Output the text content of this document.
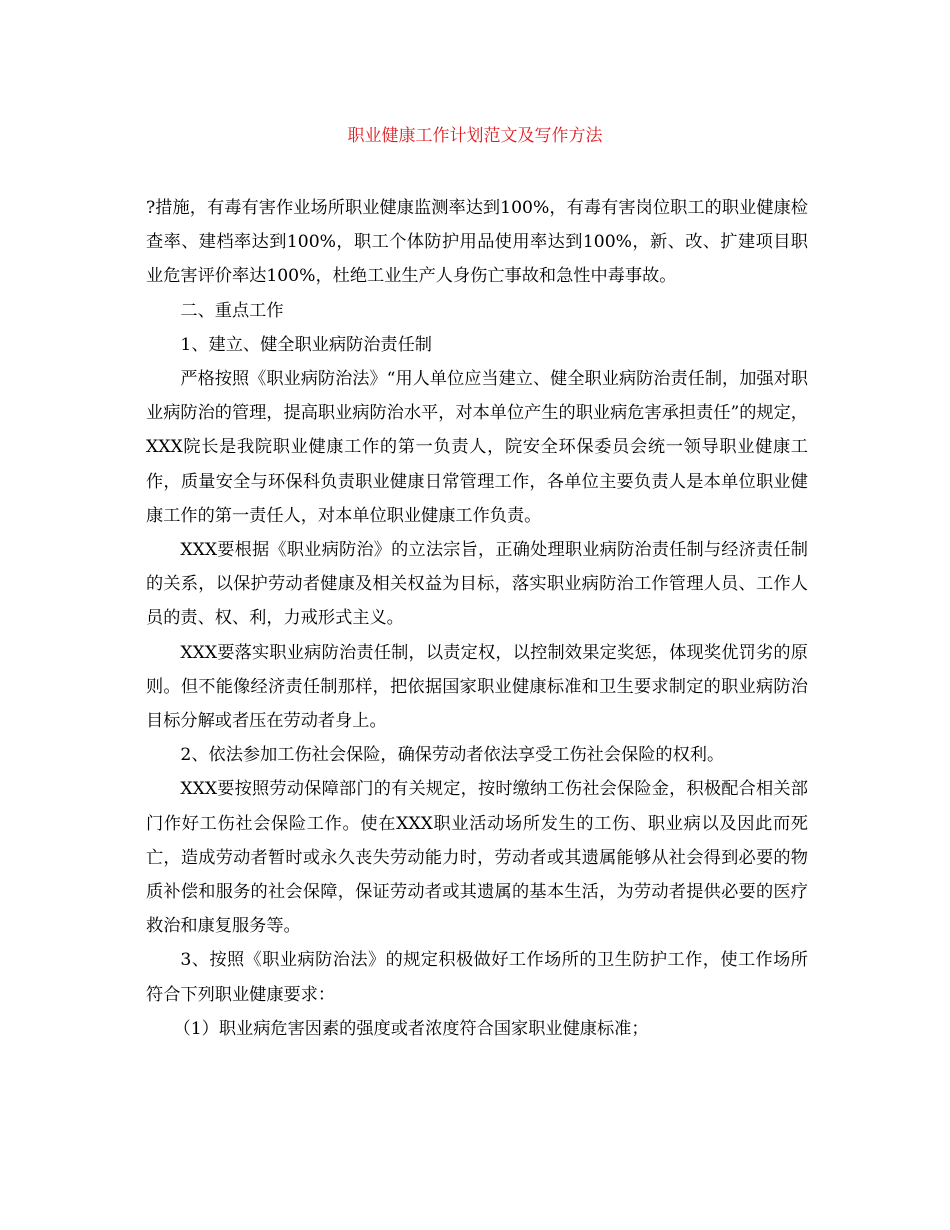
职业健康工作计划范文及写作方法

?措施，有毒有害作业场所职业健康监测率达到100%，有毒有害岗位职工的职业健康检查率、建档率达到100%，职工个体防护用品使用率达到100%，新、改、扩建项目职业危害评价率达100%，杜绝工业生产人身伤亡事故和急性中毒事故。

二、重点工作

1、建立、健全职业病防治责任制

严格按照《职业病防治法》“用人单位应当建立、健全职业病防治责任制，加强对职业病防治的管理，提高职业病防治水平，对本单位产生的职业病危害承担责任”的规定，XXX院长是我院职业健康工作的第一负责人，院安全环保委员会统一领导职业健康工作，质量安全与环保科负责职业健康日常管理工作，各单位主要负责人是本单位职业健康工作的第一责任人，对本单位职业健康工作负责。

XXX要根据《职业病防治》的立法宗旨，正确处理职业病防治责任制与经济责任制的关系，以保护劳动者健康及相关权益为目标，落实职业病防治工作管理人员、工作人员的责、权、利，力戒形式主义。

XXX要落实职业病防治责任制，以责定权，以控制效果定奖惩，体现奖优罚劣的原则。但不能像经济责任制那样，把依据国家职业健康标准和卫生要求制定的职业病防治目标分解或者压在劳动者身上。

2、依法参加工伤社会保险，确保劳动者依法享受工伤社会保险的权利。

XXX要按照劳动保障部门的有关规定，按时缴纳工伤社会保险金，积极配合相关部门作好工伤社会保险工作。使在XXX职业活动场所发生的工伤、职业病以及因此而死亡，造成劳动者暂时或永久丧失劳动能力时，劳动者或其遗属能够从社会得到必要的物质补偿和服务的社会保障，保证劳动者或其遗属的基本生活，为劳动者提供必要的医疗救治和康复服务等。

3、按照《职业病防治法》的规定积极做好工作场所的卫生防护工作，使工作场所符合下列职业健康要求：

（1）职业病危害因素的强度或者浓度符合国家职业健康标准；
